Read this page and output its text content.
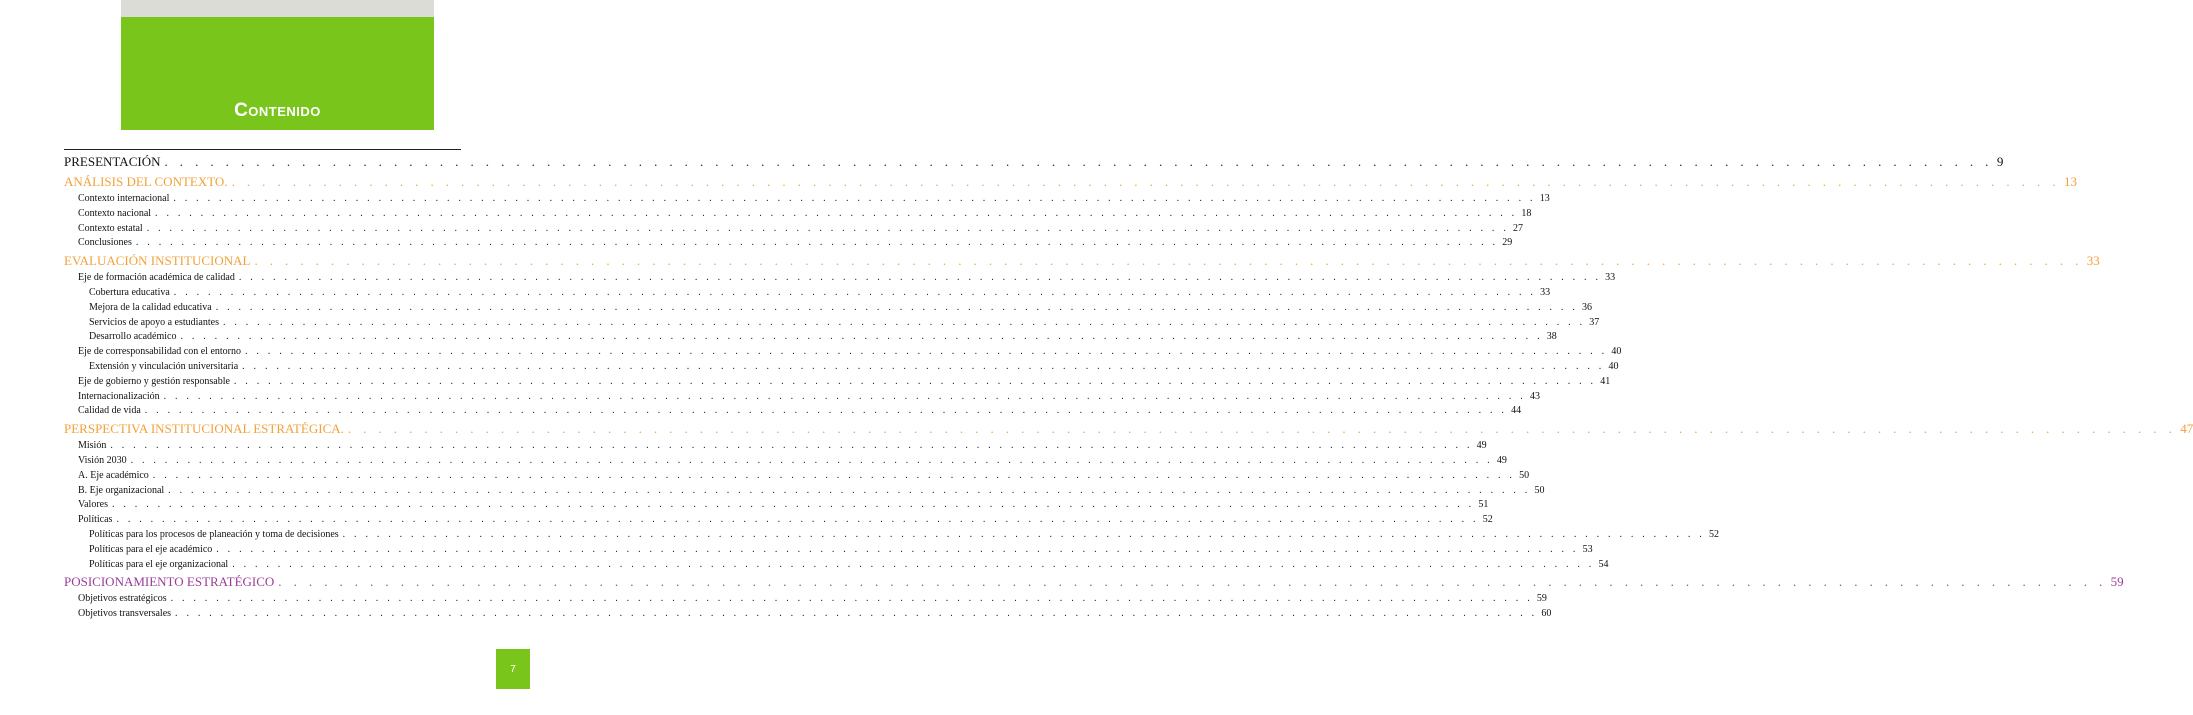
Contenido
PRESENTACIÓN . . . . . . . . . . . . . . . . . . . . . . . . . . . . . . . . . . . . . . . . . . . . . . . . . . . . . . . . . . . . . . . . . . . . . . . . . . . . . . . . . . . . . . . . . . . . . . . . . . . . . . . . . . . . . . . . . . . . . . . . 9
ANÁLISIS DEL CONTEXTO. . . . . . . . . . . . . . . . . . . . . . . . . . . . . . . . . . . . . . . . . . . . . . . . . . . . . . . . . . . . . . . . . . . . . . . . . . . . . . . . . . . . . . . . . . . . . . . . . . . . . . . . . . . . . . . . . . . . . . . . . 13
Contexto internacional . . . . . . . . . . . . . . . . . . . . . . . . . . . . . . . . . . . . . . . . . . . . . . . . . . . . . . . . . . . . . . . . . . . . . . . . . . . . . . . . . . . . . . . . . . . . . . . . . . . . . . . . . . . . . . . . . . . . . . . . 13
Contexto nacional . . . . . . . . . . . . . . . . . . . . . . . . . . . . . . . . . . . . . . . . . . . . . . . . . . . . . . . . . . . . . . . . . . . . . . . . . . . . . . . . . . . . . . . . . . . . . . . . . . . . . . . . . . . . . . . . . . . . . . . . 18
Contexto estatal . . . . . . . . . . . . . . . . . . . . . . . . . . . . . . . . . . . . . . . . . . . . . . . . . . . . . . . . . . . . . . . . . . . . . . . . . . . . . . . . . . . . . . . . . . . . . . . . . . . . . . . . . . . . . . . . . . . . . . . . 27
Conclusiones . . . . . . . . . . . . . . . . . . . . . . . . . . . . . . . . . . . . . . . . . . . . . . . . . . . . . . . . . . . . . . . . . . . . . . . . . . . . . . . . . . . . . . . . . . . . . . . . . . . . . . . . . . . . . . . . . . . . . . . . 29
EVALUACIÓN INSTITUCIONAL . . . . . . . . . . . . . . . . . . . . . . . . . . . . . . . . . . . . . . . . . . . . . . . . . . . . . . . . . . . . . . . . . . . . . . . . . . . . . . . . . . . . . . . . . . . . . . . . . . . . . . . . . . . . . . . . . . . . . . . . 33
Eje de formación académica de calidad . . . . . . . . . . . . . . . . . . . . . . . . . . . . . . . . . . . . . . . . . . . . . . . . . . . . . . . . . . . . . . . . . . . . . . . . . . . . . . . . . . . . . . . . . . . . . . . . . . . . . . . . . . . . . . . . . . . . . . . . 33
Cobertura educativa . . . . . . . . . . . . . . . . . . . . . . . . . . . . . . . . . . . . . . . . . . . . . . . . . . . . . . . . . . . . . . . . . . . . . . . . . . . . . . . . . . . . . . . . . . . . . . . . . . . . . . . . . . . . . . . . . . . . . . . . 33
Mejora de la calidad educativa . . . . . . . . . . . . . . . . . . . . . . . . . . . . . . . . . . . . . . . . . . . . . . . . . . . . . . . . . . . . . . . . . . . . . . . . . . . . . . . . . . . . . . . . . . . . . . . . . . . . . . . . . . . . . . . . . . . . . . . . 36
Servicios de apoyo a estudiantes . . . . . . . . . . . . . . . . . . . . . . . . . . . . . . . . . . . . . . . . . . . . . . . . . . . . . . . . . . . . . . . . . . . . . . . . . . . . . . . . . . . . . . . . . . . . . . . . . . . . . . . . . . . . . . . . . . . . . . . . 37
Desarrollo académico . . . . . . . . . . . . . . . . . . . . . . . . . . . . . . . . . . . . . . . . . . . . . . . . . . . . . . . . . . . . . . . . . . . . . . . . . . . . . . . . . . . . . . . . . . . . . . . . . . . . . . . . . . . . . . . . . . . . . . . . 38
Eje de corresponsabilidad con el entorno . . . . . . . . . . . . . . . . . . . . . . . . . . . . . . . . . . . . . . . . . . . . . . . . . . . . . . . . . . . . . . . . . . . . . . . . . . . . . . . . . . . . . . . . . . . . . . . . . . . . . . . . . . . . . . . . . . . . . . . . 40
Extensión y vinculación universitaria . . . . . . . . . . . . . . . . . . . . . . . . . . . . . . . . . . . . . . . . . . . . . . . . . . . . . . . . . . . . . . . . . . . . . . . . . . . . . . . . . . . . . . . . . . . . . . . . . . . . . . . . . . . . . . . . . . . . . . . . 40
Eje de gobierno y gestión responsable . . . . . . . . . . . . . . . . . . . . . . . . . . . . . . . . . . . . . . . . . . . . . . . . . . . . . . . . . . . . . . . . . . . . . . . . . . . . . . . . . . . . . . . . . . . . . . . . . . . . . . . . . . . . . . . . . . . . . . . . 41
Internacionalización . . . . . . . . . . . . . . . . . . . . . . . . . . . . . . . . . . . . . . . . . . . . . . . . . . . . . . . . . . . . . . . . . . . . . . . . . . . . . . . . . . . . . . . . . . . . . . . . . . . . . . . . . . . . . . . . . . . . . . . . 43
Calidad de vida . . . . . . . . . . . . . . . . . . . . . . . . . . . . . . . . . . . . . . . . . . . . . . . . . . . . . . . . . . . . . . . . . . . . . . . . . . . . . . . . . . . . . . . . . . . . . . . . . . . . . . . . . . . . . . . . . . . . . . . . 44
PERSPECTIVA INSTITUCIONAL ESTRATÉGICA. . . . . . . . . . . . . . . . . . . . . . . . . . . . . . . . . . . . . . . . . . . . . . . . . . . . . . . . . . . . . . . . . . . . . . . . . . . . . . . . . . . . . . . . . . . . . . . . . . . . . . . . . . . . . . . . . . . . . . . . . 47
Misión . . . . . . . . . . . . . . . . . . . . . . . . . . . . . . . . . . . . . . . . . . . . . . . . . . . . . . . . . . . . . . . . . . . . . . . . . . . . . . . . . . . . . . . . . . . . . . . . . . . . . . . . . . . . . . . . . . . . . . . . 49
Visión 2030 . . . . . . . . . . . . . . . . . . . . . . . . . . . . . . . . . . . . . . . . . . . . . . . . . . . . . . . . . . . . . . . . . . . . . . . . . . . . . . . . . . . . . . . . . . . . . . . . . . . . . . . . . . . . . . . . . . . . . . . . 49
A. Eje académico . . . . . . . . . . . . . . . . . . . . . . . . . . . . . . . . . . . . . . . . . . . . . . . . . . . . . . . . . . . . . . . . . . . . . . . . . . . . . . . . . . . . . . . . . . . . . . . . . . . . . . . . . . . . . . . . . . . . . . . . 50
B. Eje organizacional . . . . . . . . . . . . . . . . . . . . . . . . . . . . . . . . . . . . . . . . . . . . . . . . . . . . . . . . . . . . . . . . . . . . . . . . . . . . . . . . . . . . . . . . . . . . . . . . . . . . . . . . . . . . . . . . . . . . . . . . 50
Valores . . . . . . . . . . . . . . . . . . . . . . . . . . . . . . . . . . . . . . . . . . . . . . . . . . . . . . . . . . . . . . . . . . . . . . . . . . . . . . . . . . . . . . . . . . . . . . . . . . . . . . . . . . . . . . . . . . . . . . . . 51
Políticas . . . . . . . . . . . . . . . . . . . . . . . . . . . . . . . . . . . . . . . . . . . . . . . . . . . . . . . . . . . . . . . . . . . . . . . . . . . . . . . . . . . . . . . . . . . . . . . . . . . . . . . . . . . . . . . . . . . . . . . . 52
Políticas para los procesos de planeación y toma de decisiones . . . . . . . . . . . . . . . . . . . . . . . . . . . . . . . . . . . . . . . . . . . . . . . . . . . . . . . . . . . . . . . . . . . . . . . . . . . . . . . . . . . . . . . . . . . . . . . . . . . . . . . . . . . . . . . . . . . . . . . . 52
Políticas para el eje académico . . . . . . . . . . . . . . . . . . . . . . . . . . . . . . . . . . . . . . . . . . . . . . . . . . . . . . . . . . . . . . . . . . . . . . . . . . . . . . . . . . . . . . . . . . . . . . . . . . . . . . . . . . . . . . . . . . . . . . . . 53
Políticas para el eje organizacional . . . . . . . . . . . . . . . . . . . . . . . . . . . . . . . . . . . . . . . . . . . . . . . . . . . . . . . . . . . . . . . . . . . . . . . . . . . . . . . . . . . . . . . . . . . . . . . . . . . . . . . . . . . . . . . . . . . . . . . . 54
POSICIONAMIENTO ESTRATÉGICO . . . . . . . . . . . . . . . . . . . . . . . . . . . . . . . . . . . . . . . . . . . . . . . . . . . . . . . . . . . . . . . . . . . . . . . . . . . . . . . . . . . . . . . . . . . . . . . . . . . . . . . . . . . . . . . . . . . . . . . . 59
Objetivos estratégicos . . . . . . . . . . . . . . . . . . . . . . . . . . . . . . . . . . . . . . . . . . . . . . . . . . . . . . . . . . . . . . . . . . . . . . . . . . . . . . . . . . . . . . . . . . . . . . . . . . . . . . . . . . . . . . . . . . . . . . . . 59
Objetivos transversales . . . . . . . . . . . . . . . . . . . . . . . . . . . . . . . . . . . . . . . . . . . . . . . . . . . . . . . . . . . . . . . . . . . . . . . . . . . . . . . . . . . . . . . . . . . . . . . . . . . . . . . . . . . . . . . . . . . . . . . . 60
7
